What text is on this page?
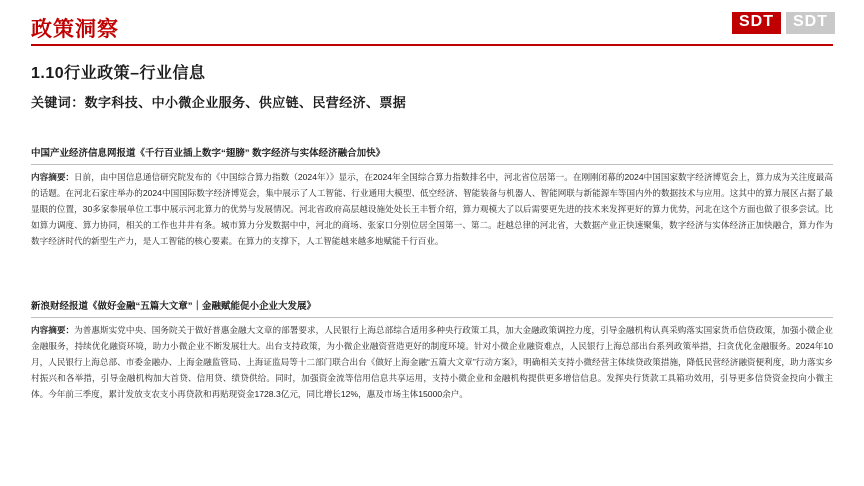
政策洞察	SDT	SDT
1.10行业政策–行业信息
关键词：数字科技、中小微企业服务、供应链、民营经济、票据
中国产业经济信息网报道《千行百业插上数字“翅膀” 数字经济与实体经济融合加快》
内容摘要：日前，由中国信息通信研究院发布的《中国综合算力指数（2024年）》显示，在2024年全国综合算力指数排名中，河北省位居第一。在刚刚闭幕的2024中国国家数字经济博览会上，算力成为关注度最高的话题。在河北石家庄举办的2024中国国际数字经济博览会，集中展示了人工智能、行业通用大模型、低空经济、智能装备与机器人、智能网联与新能源车等国内外的数据技术与应用。这其中的算力展区占据了最显眼的位置，30多家参展单位工事中展示河北算力的优势与发展情况。河北省政府高层越设施处处长王丰暂介绍，算力观模大了以后需要更先进的技术来发挥更好的算力优势，河北在这个方面也做了很多尝试。比如算力调度、算力协同，相关的工作也井井有条。城市算力分发数据中中，河北的商场、张家口分别位居全国第一、第二。赶越总律的河北省，大数据产业正快速聚集，数字经济与实体经济正加快融合，算力作为数字经济时代的新型生产力，是人工智能的核心要素。在算力的支撑下，人工智能越来越多地赋能千行百业。
新浪财经报道《做好金融“五篇大文章”｜金融赋能促小企业大发展》
内容摘要：为普惠斯实党中央、国务院关于做好普惠金融大文章的部署要求，人民银行上海总部综合适用多种央行政策工具，加大金融政策调控力度，引导金融机构认真采购落实国家货币信贷政策，加强小微企业金融服务，持续优化融资环境，助力小微企业不断发展壮大。出台支持政策，为小微企业融资营造更好的制度环境。针对小微企业融资难点，人民银行上海总部出台系列政策举措，扫贪优化金融服务。2024年10月，人民银行上海总部、市委金融办、上海金融监管局、上海证监局等十二部门联合出台《做好上海金融“五篇大文章”行动方案》，明确相关支持小微经营主体续贷政策措施，降低民营经济融资便利度，助力落实乡村振兴和各举措，引导金融机构加大首贷、信用贷、绩贷供给。同时，加强资金流等信用信息共享运用，支持小微企业和金融机构提供更多增信信息。发挥央行货款工具箱功效用，引导更多信贷资金投向小微主体。今年前三季度，累计发放支农支小再贷款和再贴现资金1728.3亿元，同比增长12%，惠及市场主体15000余户。
